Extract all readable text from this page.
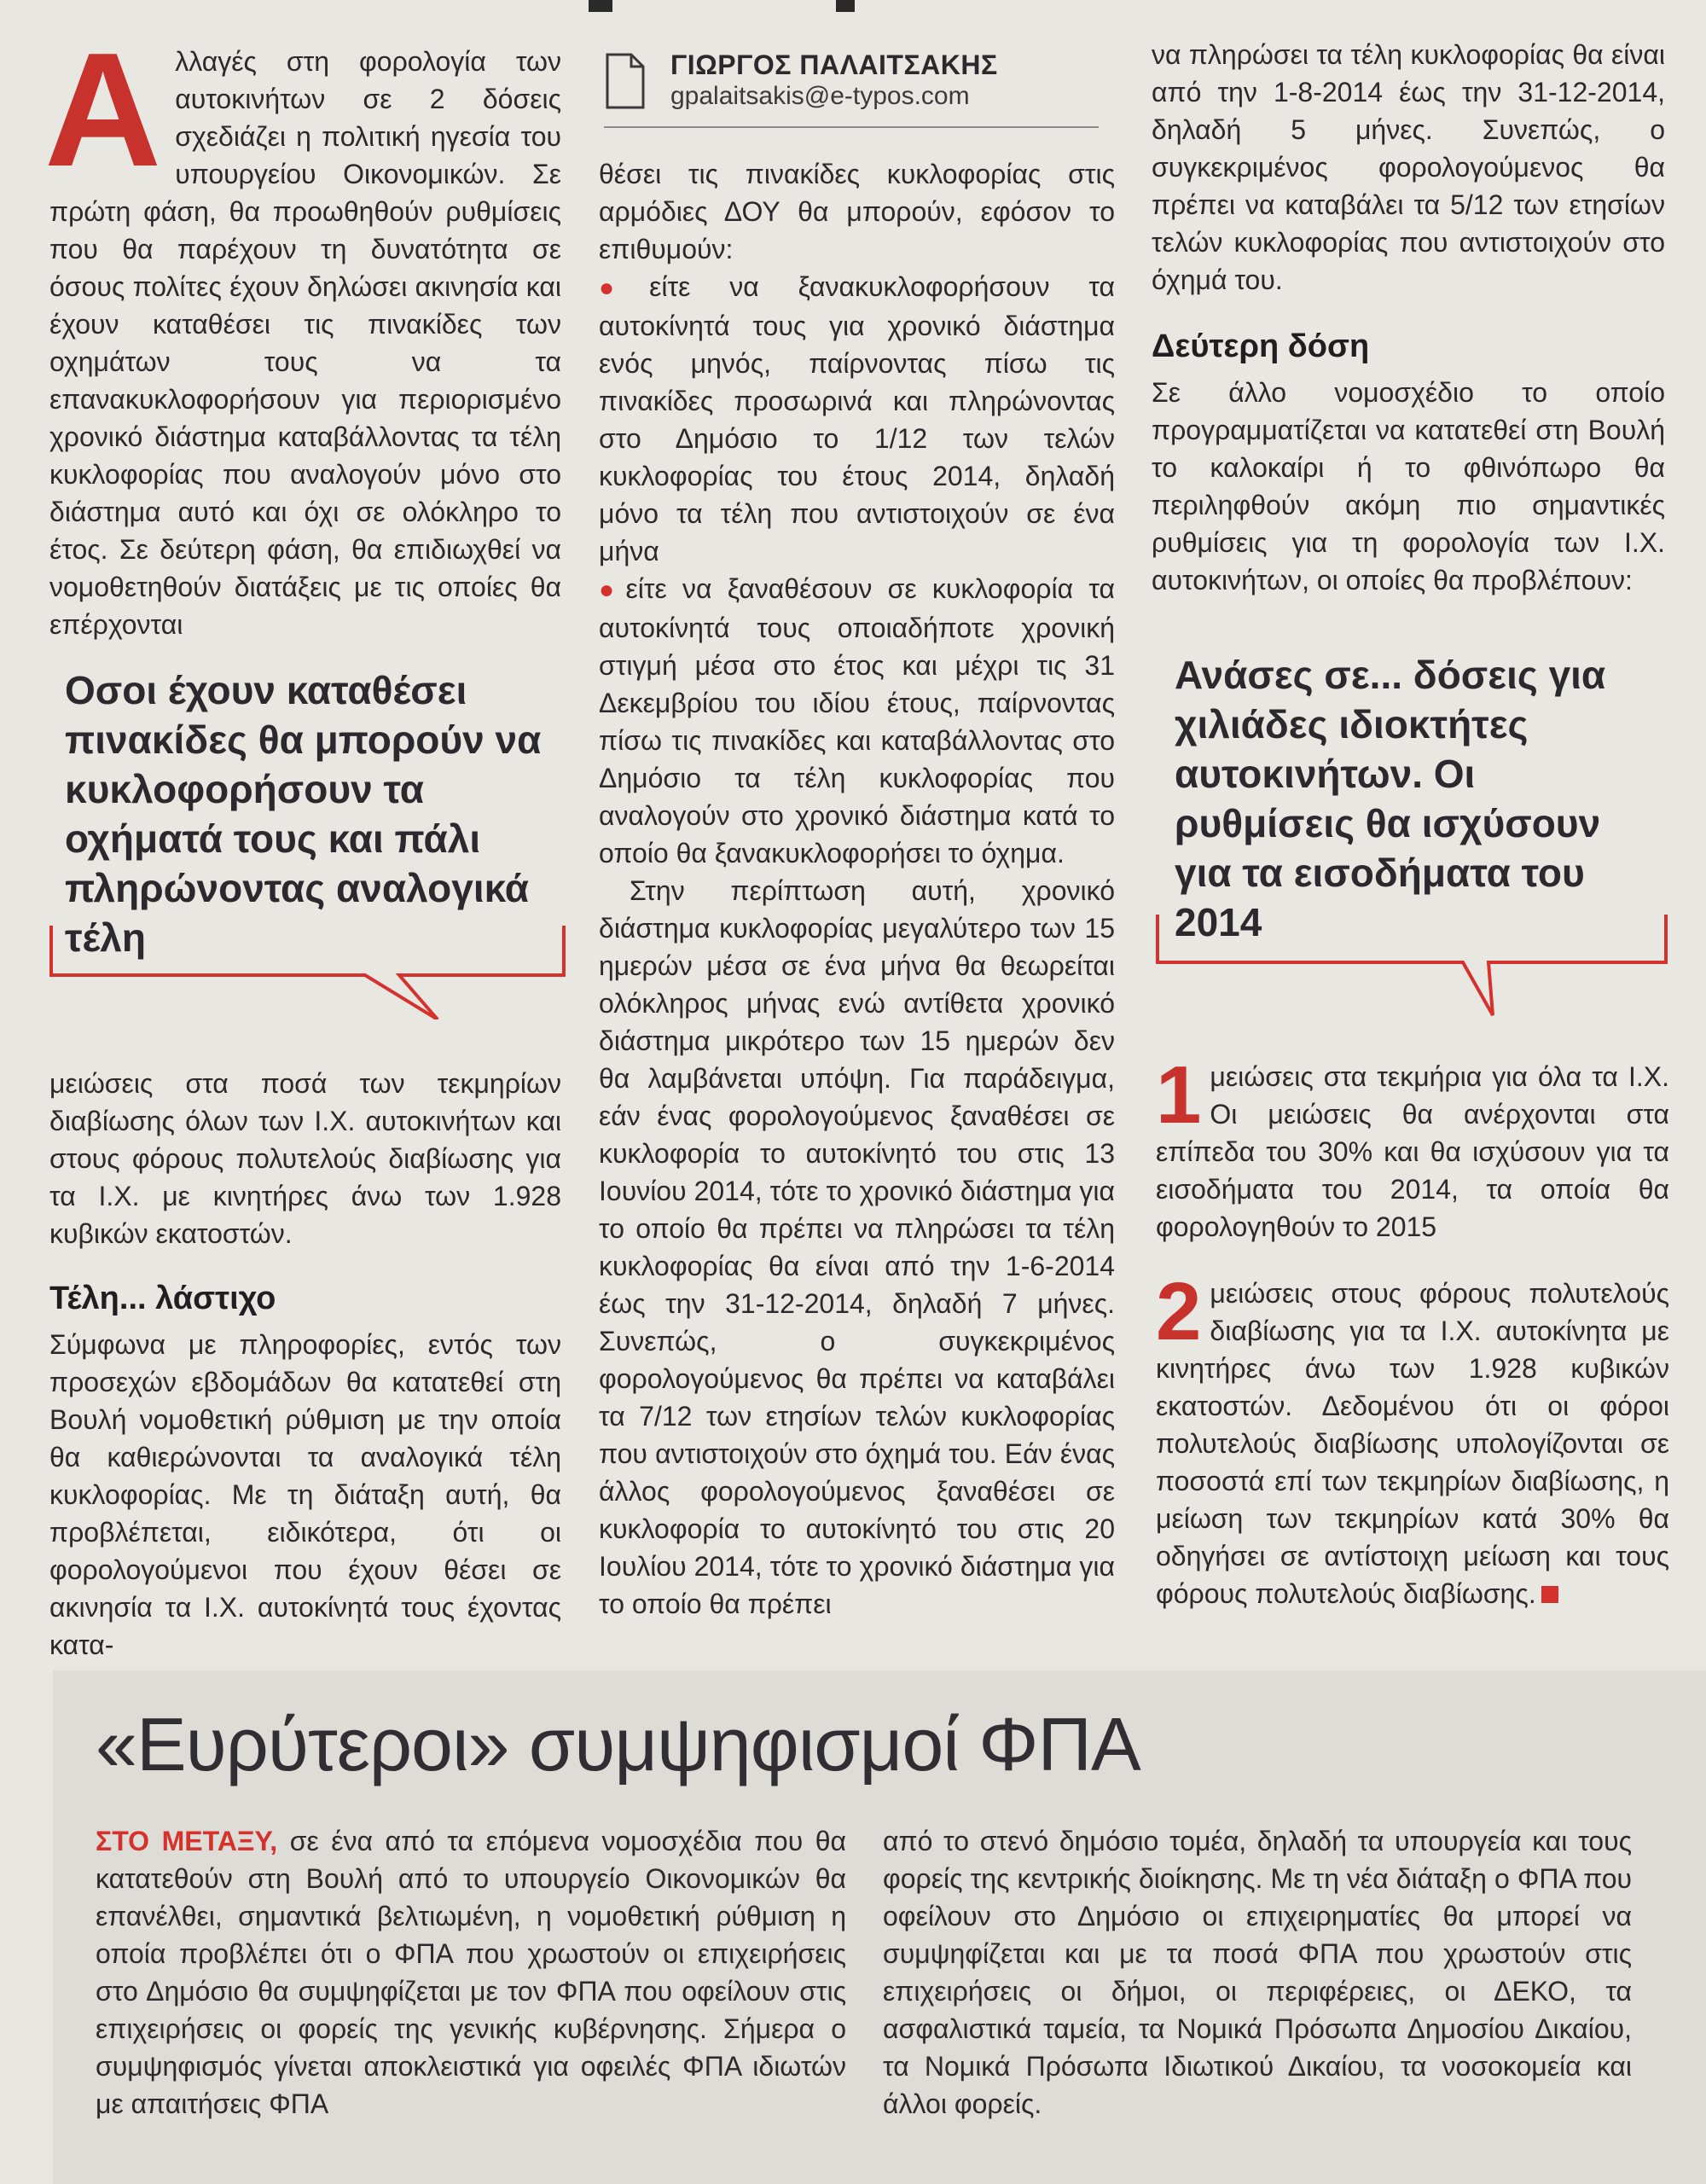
ΓΙΩΡΓΟΣ ΠΑΛΑΙΤΣΑΚΗΣ
gpalaitsakis@e-typos.com
Α λλαγές στη φορολογία των αυτοκινήτων σε 2 δόσεις σχεδιάζει η πολιτική ηγεσία του υπουργείου Οικονομικών. Σε πρώτη φάση, θα προωθηθούν ρυθμίσεις που θα παρέχουν τη δυνατότητα σε όσους πολίτες έχουν δηλώσει ακινησία και έχουν καταθέσει τις πινακίδες των οχημάτων τους να τα επανακυκλοφορήσουν για περιορισμένο χρονικό διάστημα καταβάλλοντας τα τέλη κυκλοφορίας που αναλογούν μόνο στο διάστημα αυτό και όχι σε ολόκληρο το έτος. Σε δεύτερη φάση, θα επιδιωχθεί να νομοθετηθούν διατάξεις με τις οποίες θα επέρχονται

Οσοι έχουν καταθέσει πινακίδες θα μπορούν να κυκλοφορήσουν τα οχήματά τους και πάλι πληρώνοντας αναλογικά τέλη

μειώσεις στα ποσά των τεκμηρίων διαβίωσης όλων των Ι.Χ. αυτοκινήτων και στους φόρους πολυτελούς διαβίωσης για τα Ι.Χ. με κινητήρες άνω των 1.928 κυβικών εκατοστών.

Τέλη... λάστιχο

Σύμφωνα με πληροφορίες, εντός των προσεχών εβδομάδων θα κατατεθεί στη Βουλή νομοθετική ρύθμιση με την οποία θα καθιερώνονται τα αναλογικά τέλη κυκλοφορίας. Με τη διάταξη αυτή, θα προβλέπεται, ειδικότερα, ότι οι φορολογούμενοι που έχουν θέσει σε ακινησία τα Ι.Χ. αυτοκίνητά τους έχοντας κατα-

θέσει τις πινακίδες κυκλοφορίας στις αρμόδιες ΔΟΥ θα μπορούν, εφόσον το επιθυμούν:

● είτε να ξανακυκλοφορήσουν τα αυτοκίνητά τους για χρονικό διάστημα ενός μηνός, παίρνοντας πίσω τις πινακίδες προσωρινά και πληρώνοντας στο Δημόσιο το 1/12 των τελών κυκλοφορίας του έτους 2014, δηλαδή μόνο τα τέλη που αντιστοιχούν σε ένα μήνα

● είτε να ξαναθέσουν σε κυκλοφορία τα αυτοκίνητά τους οποιαδήποτε χρονική στιγμή μέσα στο έτος και μέχρι τις 31 Δεκεμβρίου του ιδίου έτους, παίρνοντας πίσω τις πινακίδες και καταβάλλοντας στο Δημόσιο τα τέλη κυκλοφορίας που αναλογούν στο χρονικό διάστημα κατά το οποίο θα ξανακυκλοφορήσει το όχημα.

Στην περίπτωση αυτή, χρονικό διάστημα κυκλοφορίας μεγαλύτερο των 15 ημερών μέσα σε ένα μήνα θα θεωρείται ολόκληρος μήνας ενώ αντίθετα χρονικό διάστημα μικρότερο των 15 ημερών δεν θα λαμβάνεται υπόψη. Για παράδειγμα, εάν ένας φορολογούμενος ξαναθέσει σε κυκλοφορία το αυτοκίνητό του στις 13 Ιουνίου 2014, τότε το χρονικό διάστημα για το οποίο θα πρέπει να πληρώσει τα τέλη κυκλοφορίας θα είναι από την 1-6-2014 έως την 31-12-2014, δηλαδή 7 μήνες. Συνεπώς, ο συγκεκριμένος φορολογούμενος θα πρέπει να καταβάλει τα 7/12 των ετησίων τελών κυκλοφορίας που αντιστοιχούν στο όχημά του. Εάν ένας άλλος φορολογούμενος ξαναθέσει σε κυκλοφορία το αυτοκίνητό του στις 20 Ιουλίου 2014, τότε το χρονικό διάστημα για το οποίο θα πρέπει

να πληρώσει τα τέλη κυκλοφορίας θα είναι από την 1-8-2014 έως την 31-12-2014, δηλαδή 5 μήνες. Συνεπώς, ο συγκεκριμένος φορολογούμενος θα πρέπει να καταβάλει τα 5/12 των ετησίων τελών κυκλοφορίας που αντιστοιχούν στο όχημά του.

Δεύτερη δόση

Σε άλλο νομοσχέδιο το οποίο προγραμματίζεται να κατατεθεί στη Βουλή το καλοκαίρι ή το φθινόπωρο θα περιληφθούν ακόμη πιο σημαντικές ρυθμίσεις για τη φορολογία των Ι.Χ. αυτοκινήτων, οι οποίες θα προβλέπουν:

Ανάσες σε... δόσεις για χιλιάδες ιδιοκτήτες αυτοκινήτων. Οι ρυθμίσεις θα ισχύσουν για τα εισοδήματα του 2014

1 μειώσεις στα τεκμήρια για όλα τα Ι.Χ. Οι μειώσεις θα ανέρχονται στα επίπεδα του 30% και θα ισχύσουν για τα εισοδήματα του 2014, τα οποία θα φορολογηθούν το 2015

2 μειώσεις στους φόρους πολυτελούς διαβίωσης για τα Ι.Χ. αυτοκίνητα με κινητήρες άνω των 1.928 κυβικών εκατοστών. Δεδομένου ότι οι φόροι πολυτελούς διαβίωσης υπολογίζονται σε ποσοστά επί των τεκμηρίων διαβίωσης, η μείωση των τεκμηρίων κατά 30% θα οδηγήσει σε αντίστοιχη μείωση και τους φόρους πολυτελούς διαβίωσης.

«Ευρύτεροι» συμψηφισμοί ΦΠΑ

ΣΤΟ ΜΕΤΑΞΥ, σε ένα από τα επόμενα νομοσχέδια που θα κατατεθούν στη Βουλή από το υπουργείο Οικονομικών θα επανέλθει, σημαντικά βελτιωμένη, η νομοθετική ρύθμιση η οποία προβλέπει ότι ο ΦΠΑ που χρωστούν οι επιχειρήσεις στο Δημόσιο θα συμψηφίζεται με τον ΦΠΑ που οφείλουν στις επιχειρήσεις οι φορείς της γενικής κυβέρνησης. Σήμερα ο συμψηφισμός γίνεται αποκλειστικά για οφειλές ΦΠΑ ιδιωτών με απαιτήσεις ΦΠΑ

από το στενό δημόσιο τομέα, δηλαδή τα υπουργεία και τους φορείς της κεντρικής διοίκησης. Με τη νέα διάταξη ο ΦΠΑ που οφείλουν στο Δημόσιο οι επιχειρηματίες θα μπορεί να συμψηφίζεται και με τα ποσά ΦΠΑ που χρωστούν στις επιχειρήσεις οι δήμοι, οι περιφέρειες, οι ΔΕΚΟ, τα ασφαλιστικά ταμεία, τα Νομικά Πρόσωπα Δημοσίου Δικαίου, τα Νομικά Πρόσωπα Ιδιωτικού Δικαίου, τα νοσοκομεία και άλλοι φορείς.
